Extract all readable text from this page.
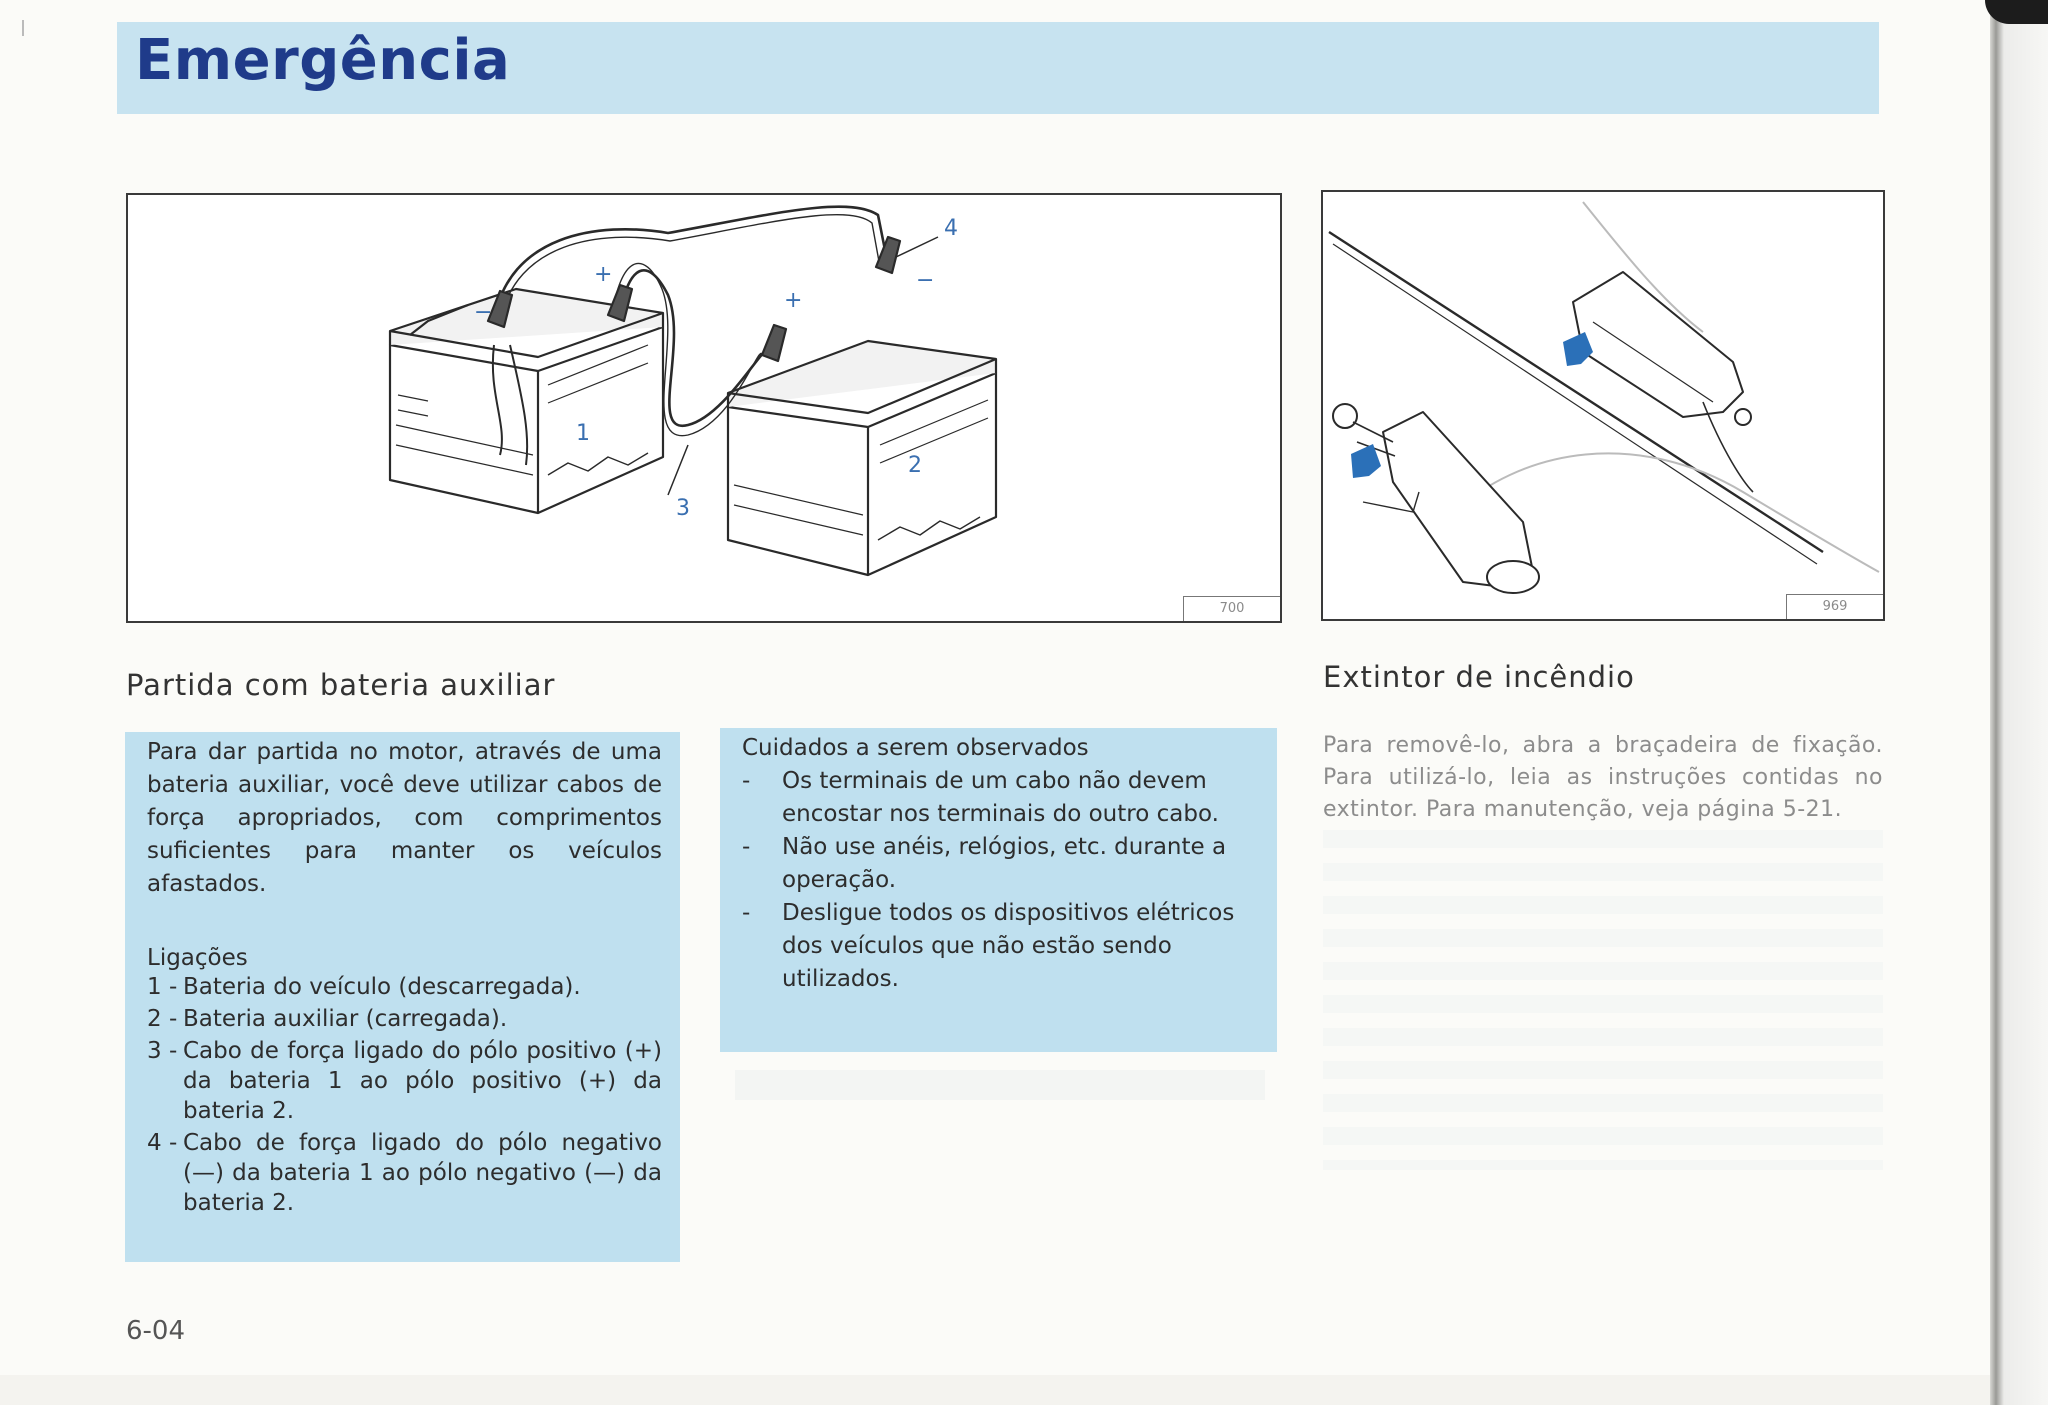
Emergência
1
2
3
4
+
+
−
−
700	969
Partida com bateria auxiliar
Para dar partida no motor, através de uma bateria auxiliar, você deve utilizar cabos de força apropriados, com comprimentos suficientes para manter os veículos afastados.
Ligações
1 - Bateria do veículo (descarregada).
2 - Bateria auxiliar (carregada).
3 - Cabo de força ligado do pólo positivo (+) da bateria 1 ao pólo positivo (+) da bateria 2.
4 - Cabo de força ligado do pólo negativo (—) da bateria 1 ao pólo negativo (—) da bateria 2.
Cuidados a serem observados
-	Os terminais de um cabo não devem encostar nos terminais do outro cabo.
-	Não use anéis, relógios, etc. durante a operação.
-	Desligue todos os dispositivos elétricos dos veículos que não estão sendo utilizados.
Extintor de incêndio
Para removê-lo, abra a braçadeira de fixação. Para utilizá-lo, leia as instruções contidas no extintor. Para manutenção, veja página 5-21.
6-04
